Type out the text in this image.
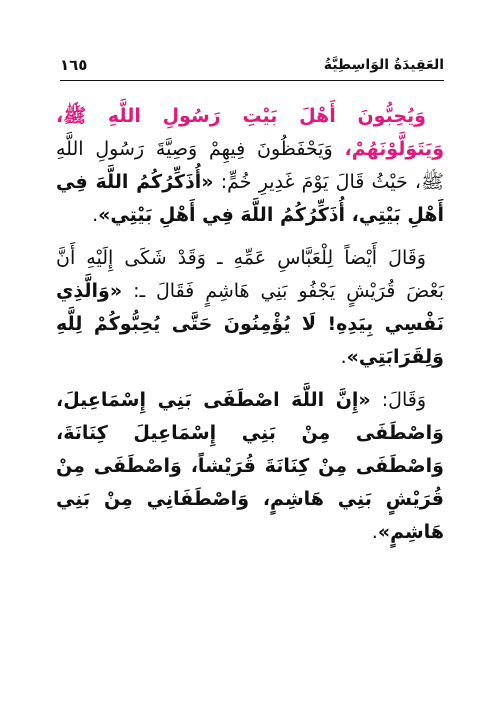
العَقِيدَةُ الوَاسِطِيَّةُ
١٦٥

وَيُحِبُّونَ أَهْلَ بَيْتِ رَسُولِ اللَّهِ ﷺ، وَيَتَوَلَّوْنَهُمْ، وَيَحْفَظُونَ فِيهِمْ وَصِيَّةَ رَسُولِ اللَّهِ ﷺ، حَيْثُ قَالَ يَوْمَ غَدِيرِ خُمٍّ: «أُذَكِّرُكُمُ اللَّهَ فِي أَهْلِ بَيْتِي، أُذَكِّرُكُمُ اللَّهَ فِي أَهْلِ بَيْتِي».

وَقَالَ أَيْضاً لِلْعَبَّاسِ عَمِّهِ ـ وَقَدْ شَكَى إِلَيْهِ أَنَّ بَعْضَ قُرَيْشٍ يَجْفُو بَنِي هَاشِمٍ فَقَالَ ـ: «وَالَّذِي نَفْسِي بِيَدِهِ! لَا يُؤْمِنُونَ حَتَّى يُحِبُّوكُمْ لِلَّهِ وَلِقَرَابَتِي».

وَقَالَ: «إِنَّ اللَّهَ اصْطَفَى بَنِي إِسْمَاعِيلَ، وَاصْطَفَى مِنْ بَنِي إِسْمَاعِيلَ كِنَانَةَ، وَاصْطَفَى مِنْ كِنَانَةَ قُرَيْشاً، وَاصْطَفَى مِنْ قُرَيْشٍ بَنِي هَاشِمٍ، وَاصْطَفَانِي مِنْ بَنِي هَاشِمٍ».
